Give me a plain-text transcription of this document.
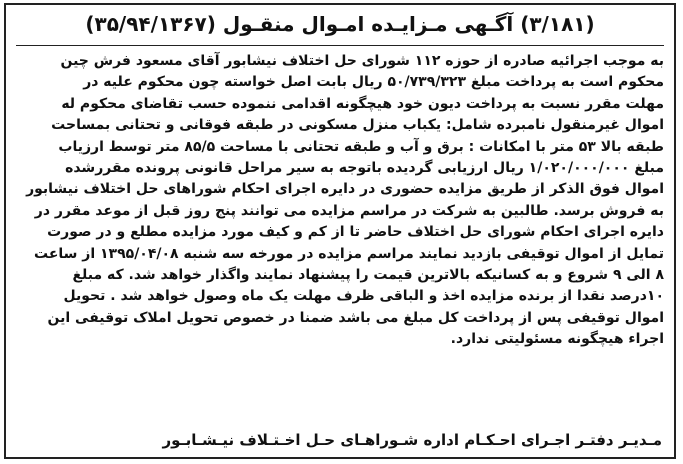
(۳/۱۸۱) آگـهی مـزایـده امـوال منقـول (۳۵/۹۴/۱۳۶۷)
به موجب اجرائیه صادره از حوزه ۱۱۲ شورای حل اختلاف نیشابور آقای مسعود فرش چین
محکوم است به پرداخت مبلغ ۵۰/۷۳۹/۳۲۳ ریال بابت اصل خواسته چون محکوم علیه در
مهلت مقرر نسبت به پرداخت دیون خود هیچگونه اقدامی ننموده حسب تقاضای محکوم له
اموال غیرمنقول نامبرده شامل: یکباب منزل مسکونی در طبقه فوقانی و تحتانی بمساحت
طبقه بالا ۵۳ متر با امکانات : برق و آب و طبقه تحتانی با مساحت ۸۵/۵ متر توسط ارزیاب
مبلغ ۱/۰۲۰/۰۰۰/۰۰۰ ریال ارزیابی گردیده باتوجه به سیر مراحل قانونی پرونده مقررشده
اموال فوق الذکر از طریق مزایده حضوری در دایره اجرای احکام شوراهای حل اختلاف نیشابور
به فروش برسد. طالبین به شرکت در مراسم مزایده می توانند پنج روز قبل از موعد مقرر در
دایره اجرای احکام شورای حل اختلاف حاضر تا از کم و کیف مورد مزایده مطلع و در صورت
تمایل از اموال توقیفی بازدید نمایند مراسم مزایده در مورخه سه شنبه ۱۳۹۵/۰۴/۰۸ از ساعت
۸ الی ۹ شروع و به کسانیکه بالاترین قیمت را پیشنهاد نمایند واگذار خواهد شد. که مبلغ
۱۰درصد نقدا از برنده مزایده اخذ و الباقی ظرف مهلت یک ماه وصول خواهد شد . تحویل
اموال توقیفی پس از پرداخت کل مبلغ می باشد ضمنا در خصوص تحویل املاک توقیفی این
اجراء هیچگونه مسئولیتی ندارد.
مـدیـر دفتـر اجـرای احـکـام اداره شـوراهـای حـل اخـتـلاف نیـشـابـور
